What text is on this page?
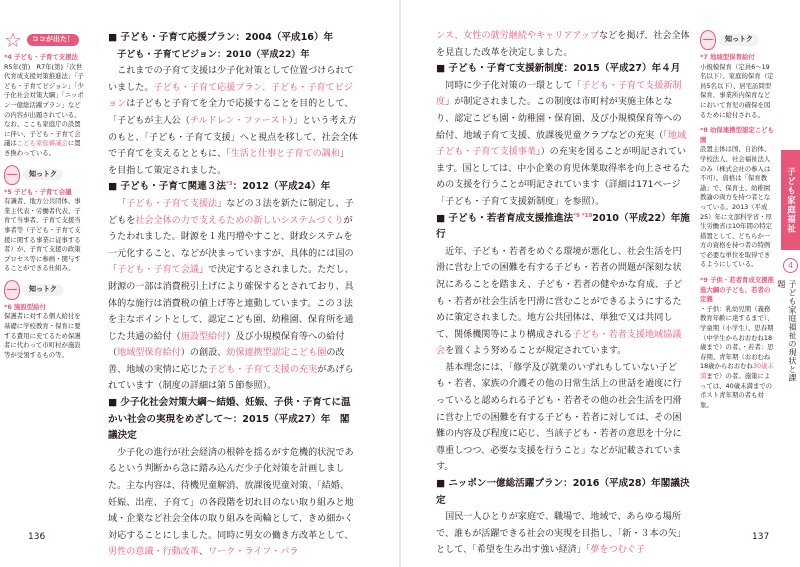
☆	ココが出た！
*4 子ども・子育て支援法
R5年(第)　R7年(第)「次世代育成支援対策推進法」「子ども・子育てビジョン」「少子化社会対策大綱」「ニッポン一億総活躍プラン」などの内容が出題されている。なお、ここも家庭庁の設置に伴い、子ども・子育て会議はこども家庭審議会に置き換わっている。
知っトク
*5 子ども・子育て会議
有識者、地方公共団体、事業主代表・労働者代表、子育て当事者、子育て支援当事者等（子ども・子育て支援に関する事業に従事する者）が、子育て支援の政策プロセス等に参画・関与することができる仕組み。
知っトク
*6 施設型給付
保護者に対する個人給付を基礎に学校教育・保育に要する費用に充てるため保護者に代わって市町村が施設等が受領するもの等。
■ 子ども・子育て応援プラン：2004（平成16）年
子ども・子育てビジョン：2010（平成22）年

これまでの子育て支援は少子化対策として位置づけられていました。子ども・子育て応援プラン、子ども・子育てビジョンは子どもと子育てを全力で応援することを目的として、「子どもが主人公（チルドレン・ファースト）」という考え方のもと、「子ども・子育て支援」へと視点を移して、社会全体で子育てを支えるとともに、「生活と仕事と子育ての調和」を目指して策定されました。

■ 子ども・子育て関連３法$^{*3}$：2012（平成24）年

「子ども・子育て支援法」などの３法を新たに制定し、子どもを社会全体の力で支えるための新しいシステムづくりがうたわれました。財源を１兆円増やすこと、財政システムを一元化すること、などが決まっていますが、具体的には国の「子ども・子育て会議」で決定するとされました。ただし、財源の一部は消費税引上げにより確保するとされており、具体的な施行は消費税の値上げ等と連動しています。この３法を主なポイントとして、認定こども園、幼稚園、保育所を通じた共通の給付（施設型給付）及び小規模保育等への給付（地域型保育給付）の創設、幼保連携型認定こども園の改善、地域の実情に応じた子ども・子育て支援の充実があげられています（制度の詳細は第５節参照）。

■ 少子化社会対策大綱〜結婚、妊娠、子供・子育てに温かい社会の実現をめざして〜：2015（平成27）年　閣議決定

少子化の進行が社会経済の根幹を揺るがす危機的状況であるという判断から急に踏み込んだ少子化対策を計画しました。主な内容は、待機児童解消、放課後児童対策、「結婚、妊娠、出産、子育て」の各段階を切れ目のない取り組みと地域・企業など社会全体の取り組みを両輪として、きめ細かく対応することにしました。同時に男女の働き方改革として、男性の意識・行動改革、ワーク・ライフ・バラ

136

ンス、女性の就労継続やキャリアアップなどを掲げ、社会全体を見直した改革を決定しました。

■ 子ども・子育て支援新制度：2015（平成27）年４月

同時に少子化対策の一環として「子ども・子育て支援新制度」が制定されました。この制度は市町村が実施主体となり、認定こども園・幼稚園・保育園、及び小規模保育等への給付、地域子育て支援、放課後児童クラブなどの充実（「地域子ども・子育て支援事業」）の充実を図ることが明記されています。国としては、中小企業の育児休業取得率を向上させるための支援を行うことが明記されています（詳細は171ページ「子ども・子育て支援新制度」を参照）。

■ 子ども・若者育成支援推進法$^{*9 *10}$2010（平成22）年施行

近年、子ども・若者をめぐる環境が悪化し、社会生活を円滑に営む上での困難を有する子ども・若者の問題が深刻な状況にあることを踏まえ、子ども・若者の健やかな育成、子ども・若者が社会生活を円滑に営むことができるようにするために策定されました。地方公共団体は、単独で又は共同して、関係機関等により構成される子ども・若者支援地域協議会を置くよう努めることが規定されています。

基本理念には、「修学及び就業のいずれもしていない子ども・若者、家族の介護その他の日常生活上の世話を過度に行っていると認められる子ども・若者その他の社会生活を円滑に営む上での困難を有する子ども・若者に対しては、その困難の内容及び程度に応じ、当該子ども・若者の意思を十分に尊重しつつ、必要な支援を行うこと」などが記載されています。

■ ニッポン一億総活躍プラン：2016（平成28）年閣議決定

国民一人ひとりが家庭で、職場で、地域で、あらゆる場所で、誰もが活躍できる社会の実現を目指し、「新・３本の矢」として、「希望を生み出す強い経済」「夢をつむぐ子

137
知っトク
*7 地域型保育給付
小規模保育（定員6〜19名以下）、家庭的保育（定員5名以下）、居宅訪問型保育、事業所内保育などにおいて育児の確保を図るために給付される。
*8 幼保連携型認定こども園
設置主体は国、自治体、学校法人、社会福祉法人のみ（株式会社の参入は不可）。資格は「保育教諭」で、保育士、幼稚園教諭の両方を持つ者となっている。2013（平成25）年に文部科学省・厚生労働省は10年間の特定措置として、どちらか一方の資格を持つ者の特例で必要な単位を取得できるようにしている。
*9 子供・若者育成支援推進大綱の子ども、若者の定義
・子供：乳幼児期（義務教育年齢に達するまで）、学童期（小学生）、思春期（中学生からおおむね18歳まで）の者。・若者：思春期、青年期（おおむね18歳からおおむね30歳未満まで）の者。施策によっては、40歳未満までのポスト青年期の者も対象。
子ども家庭福祉
4
子ども家庭福祉の現状と課題
